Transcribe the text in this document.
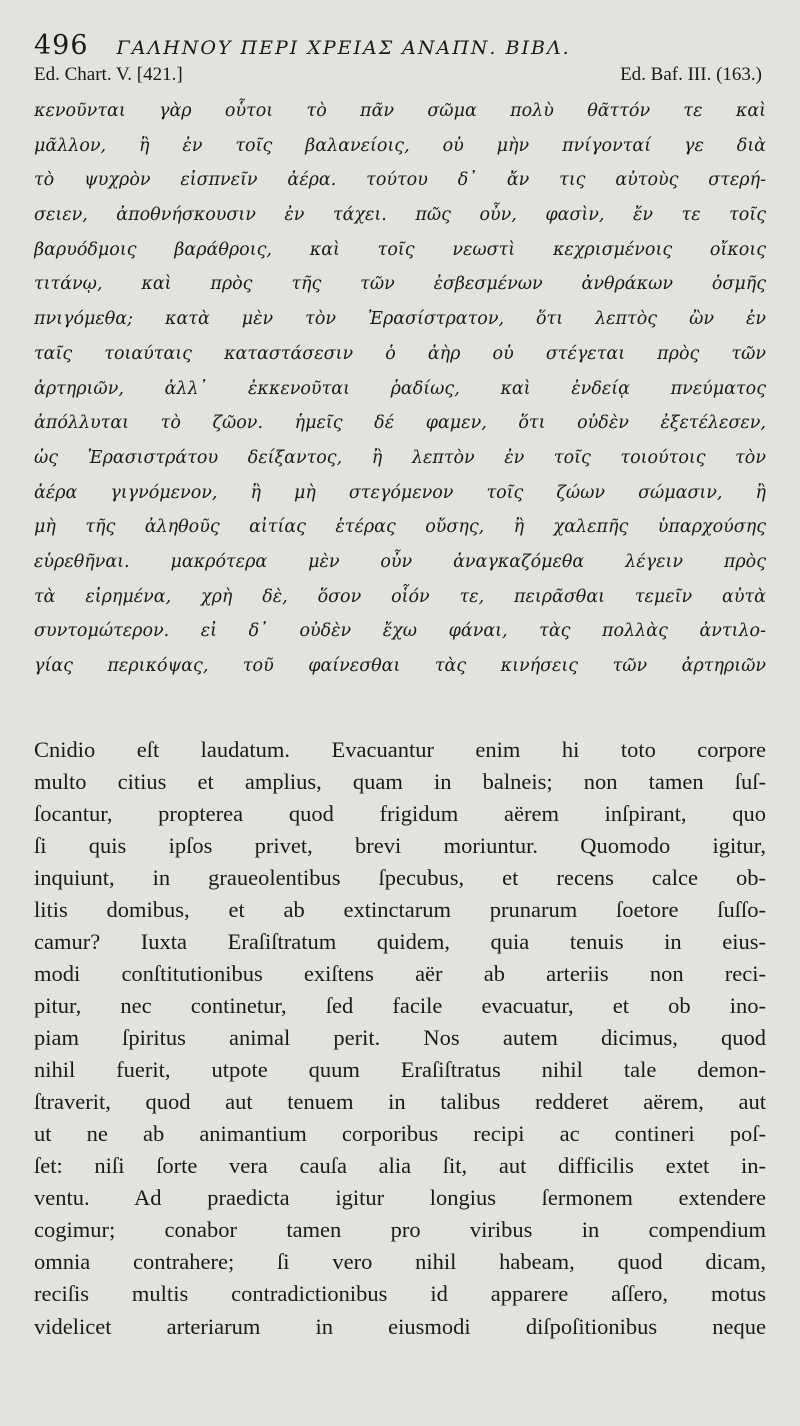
496 ΓΑΛΗΝΟΥ ΠΕΡΙ ΧΡΕΙΑΣ ΑΝΑΠΝ. ΒΙΒΛ.
Ed. Chart. V. [421.]	Ed. Baf. III. (163.)
κενοῦνται γὰρ οὗτοι τὸ πᾶν σῶμα πολὺ θᾶττόν τε καὶ
μᾶλλον, ἢ ἐν τοῖς βαλανείοις, οὐ μὴν πνίγονταί γε διὰ
τὸ ψυχρὸν εἰσπνεῖν ἀέρα. τούτου δ᾽ ἄν τις αὐτοὺς στερή-
σειεν, ἀποθνήσκουσιν ἐν τάχει. πῶς οὖν, φασὶν, ἔν τε τοῖς
βαρυόδμοις βαράθροις, καὶ τοῖς νεωστὶ κεχρισμένοις οἴκοις
τιτάνῳ, καὶ πρὸς τῆς τῶν ἐσβεσμένων ἀνθράκων ὀσμῆς
πνιγόμεθα; κατὰ μὲν τὸν Ἐρασίστρατον, ὅτι λεπτὸς ὢν ἐν
ταῖς τοιαύταις καταστάσεσιν ὁ ἀὴρ οὐ στέγεται πρὸς τῶν
ἀρτηριῶν, ἀλλ᾽ ἐκκενοῦται ῥαδίως, καὶ ἐνδείᾳ πνεύματος
ἀπόλλυται τὸ ζῶον. ἡμεῖς δέ φαμεν, ὅτι οὐδὲν ἐξετέλεσεν,
ὡς Ἐρασιστράτου δείξαντος, ἢ λεπτὸν ἐν τοῖς τοιούτοις τὸν
ἀέρα γιγνόμενον, ἢ μὴ στεγόμενον τοῖς ζώων σώμασιν, ἢ
μὴ τῆς ἀληθοῦς αἰτίας ἑτέρας οὔσης, ἢ χαλεπῆς ὑπαρχούσης
εὑρεθῆναι. μακρότερα μὲν οὖν ἀναγκαζόμεθα λέγειν πρὸς
τὰ εἰρημένα, χρὴ δὲ, ὅσον οἷόν τε, πειρᾶσθαι τεμεῖν αὐτὰ
συντομώτερον. εἰ δ᾽ οὐδὲν ἔχω φάναι, τὰς πολλὰς ἀντιλο-
γίας περικόψας, τοῦ φαίνεσθαι τὰς κινήσεις τῶν ἀρτηριῶν
Cnidio eſt laudatum. Evacuantur enim hi toto corpore
multo citius et amplius, quam in balneis; non tamen ſuſ-
ſocantur, propterea quod frigidum aërem inſpirant, quo
ſi quis ipſos privet, brevi moriuntur. Quomodo igitur,
inquiunt, in graueolentibus ſpecubus, et recens calce ob-
litis domibus, et ab extinctarum prunarum ſoetore ſuſſo-
camur? Iuxta Eraſiſtratum quidem, quia tenuis in eius-
modi conſtitutionibus exiſtens aër ab arteriis non reci-
pitur, nec continetur, ſed facile evacuatur, et ob ino-
piam ſpiritus animal perit. Nos autem dicimus, quod
nihil fuerit, utpote quum Eraſiſtratus nihil tale demon-
ſtraverit, quod aut tenuem in talibus redderet aërem, aut
ut ne ab animantium corporibus recipi ac contineri poſ-
ſet: niſi ſorte vera cauſa alia ſit, aut difficilis extet in-
ventu. Ad praedicta igitur longius ſermonem extendere
cogimur; conabor tamen pro viribus in compendium
omnia contrahere; ſi vero nihil habeam, quod dicam,
reciſis multis contradictionibus id apparere aſſero, motus
videlicet arteriarum in eiusmodi diſpoſitionibus neque
